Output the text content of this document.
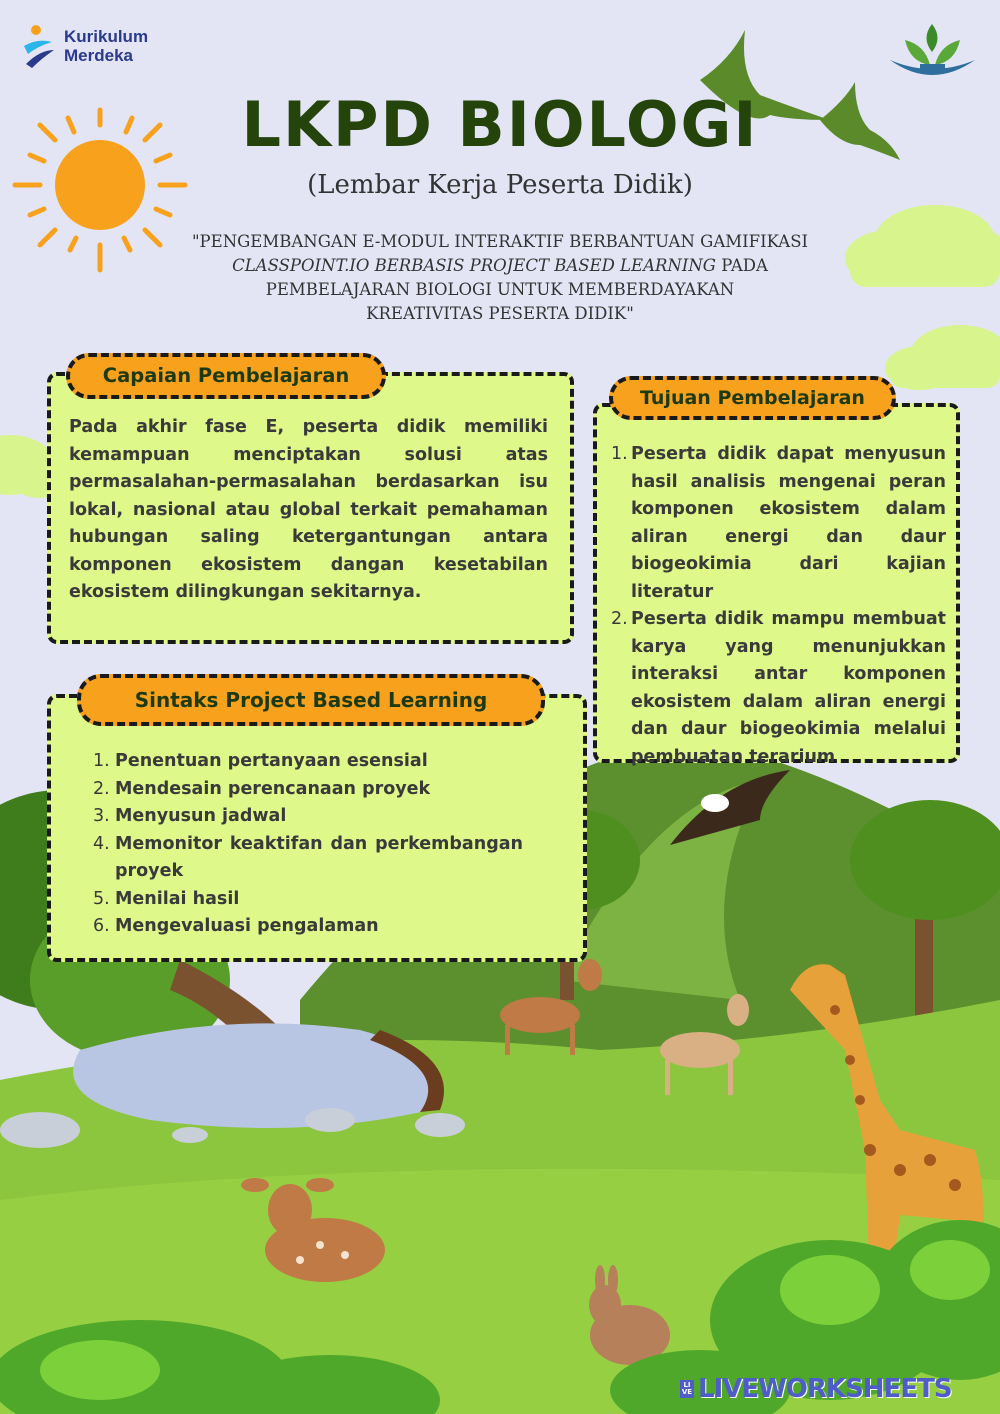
Kurikulum
Merdeka
LKPD BIOLOGI
(Lembar Kerja Peserta Didik)
"PENGEMBANGAN E-MODUL INTERAKTIF BERBANTUAN GAMIFIKASI
CLASSPOINT.IO BERBASIS PROJECT BASED LEARNING PADA
PEMBELAJARAN BIOLOGI UNTUK MEMBERDAYAKAN
KREATIVITAS PESERTA DIDIK"
Pada akhir fase E, peserta didik memiliki kemampuan menciptakan solusi atas permasalahan-permasalahan berdasarkan isu lokal, nasional atau global terkait pemahaman hubungan saling ketergantungan antara komponen ekosistem dangan kesetabilan ekosistem dilingkungan sekitarnya.
Capaian Pembelajaran
1. Peserta didik dapat menyusun hasil analisis mengenai peran komponen ekosistem dalam aliran energi dan daur biogeokimia dari kajian literatur
2. Peserta didik mampu membuat karya yang menunjukkan interaksi antar komponen ekosistem dalam aliran energi dan daur biogeokimia melalui pembuatan terarium
Tujuan Pembelajaran
1. Penentuan pertanyaan esensial
2. Mendesain perencanaan proyek
3. Menyusun jadwal
4. Memonitor keaktifan dan perkembangan proyek
5. Menilai hasil
6. Mengevaluasi pengalaman
Sintaks Project Based Learning
LIVE LIVEWORKSHEETS
